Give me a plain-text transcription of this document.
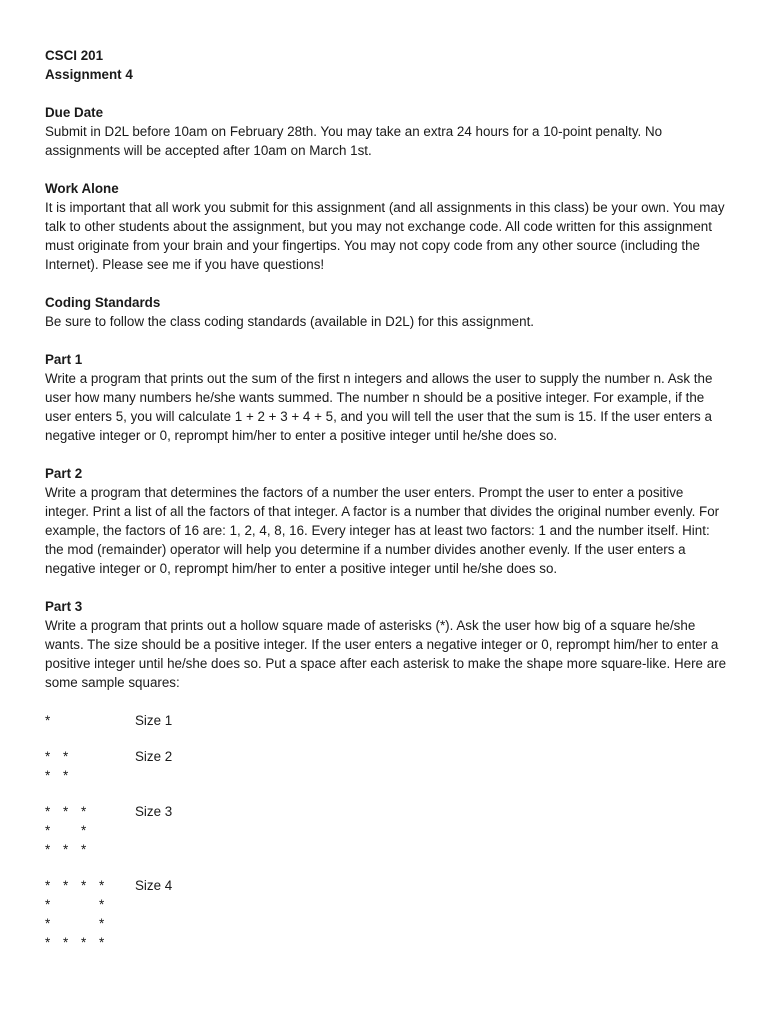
CSCI 201
Assignment 4
Due Date

Submit in D2L before 10am on February 28th. You may take an extra 24 hours for a 10-point penalty. No assignments will be accepted after 10am on March 1st.

Work Alone

It is important that all work you submit for this assignment (and all assignments in this class) be your own. You may talk to other students about the assignment, but you may not exchange code. All code written for this assignment must originate from your brain and your fingertips. You may not copy code from any other source (including the Internet). Please see me if you have questions!

Coding Standards

Be sure to follow the class coding standards (available in D2L) for this assignment.

Part 1

Write a program that prints out the sum of the first n integers and allows the user to supply the number n. Ask the user how many numbers he/she wants summed. The number n should be a positive integer. For example, if the user enters 5, you will calculate 1 + 2 + 3 + 4 + 5, and you will tell the user that the sum is 15. If the user enters a negative integer or 0, reprompt him/her to enter a positive integer until he/she does so.

Part 2

Write a program that determines the factors of a number the user enters. Prompt the user to enter a positive integer. Print a list of all the factors of that integer. A factor is a number that divides the original number evenly. For example, the factors of 16 are: 1, 2, 4, 8, 16. Every integer has at least two factors: 1 and the number itself. Hint: the mod (remainder) operator will help you determine if a number divides another evenly. If the user enters a negative integer or 0, reprompt him/her to enter a positive integer until he/she does so.

Part 3

Write a program that prints out a hollow square made of asterisks (*). Ask the user how big of a square he/she wants. The size should be a positive integer. If the user enters a negative integer or 0, reprompt him/her to enter a positive integer until he/she does so. Put a space after each asterisk to make the shape more square-like. Here are some sample squares:

*	Size 1
* *	Size 2
* *
* * *	Size 3
*	*
* * *
* * * *	Size 4
*	*
*	*
* * * *
